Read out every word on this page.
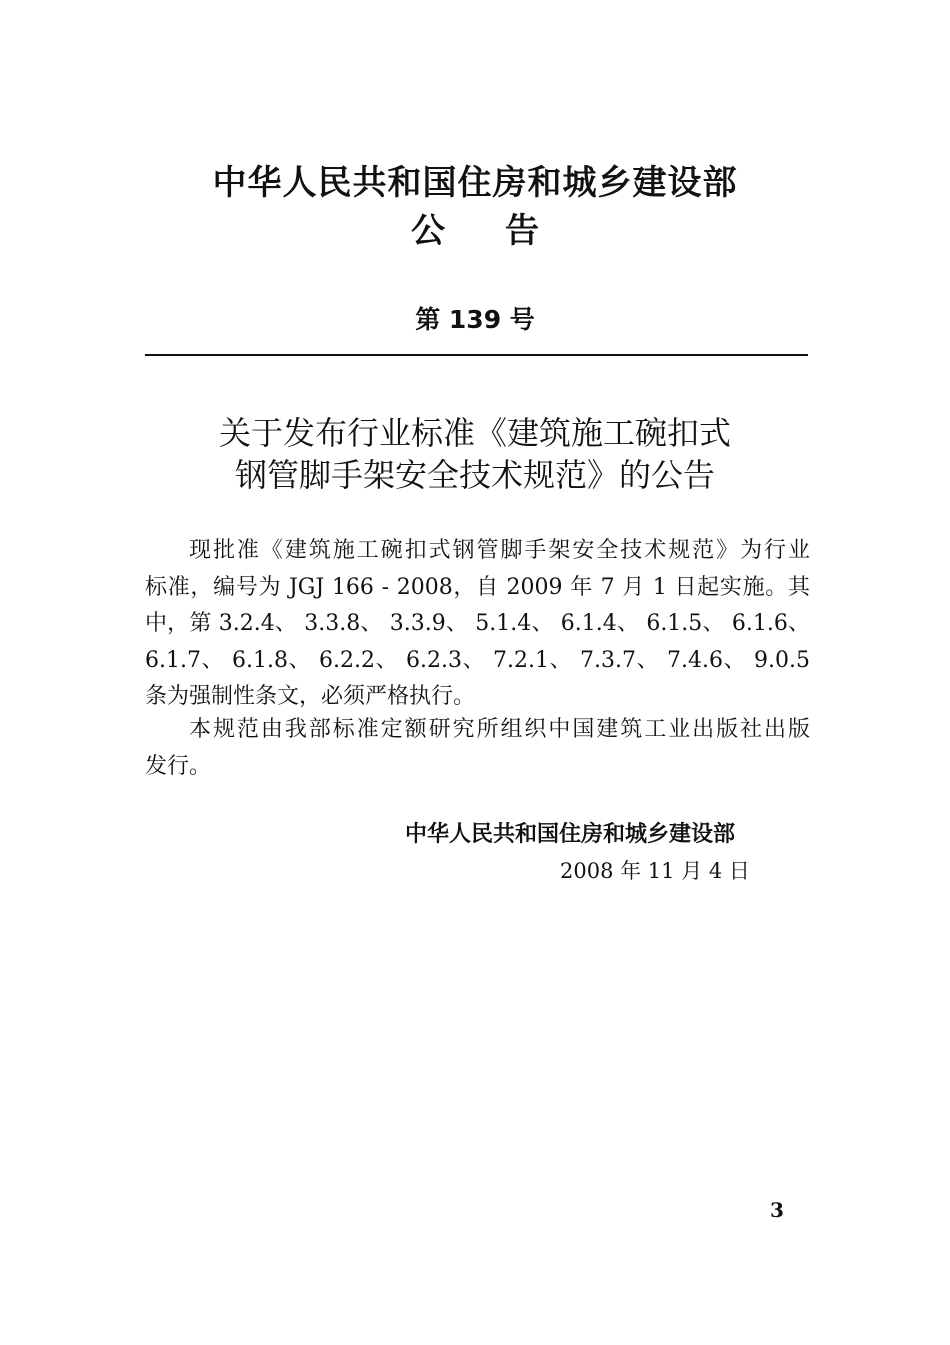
中华人民共和国住房和城乡建设部
公告
第 139 号
关于发布行业标准《建筑施工碗扣式
钢管脚手架安全技术规范》的公告
现批准《建筑施工碗扣式钢管脚手架安全技术规范》为行业
标准，编号为 JGJ 166 - 2008，自 2009 年 7 月 1 日起实施。其
中，第 3.2.4、 3.3.8、 3.3.9、 5.1.4、 6.1.4、 6.1.5、 6.1.6、
6.1.7、 6.1.8、 6.2.2、 6.2.3、 7.2.1、 7.3.7、 7.4.6、 9.0.5
条为强制性条文，必须严格执行。
本规范由我部标准定额研究所组织中国建筑工业出版社出版
发行。
中华人民共和国住房和城乡建设部
2008 年 11 月 4 日
3
